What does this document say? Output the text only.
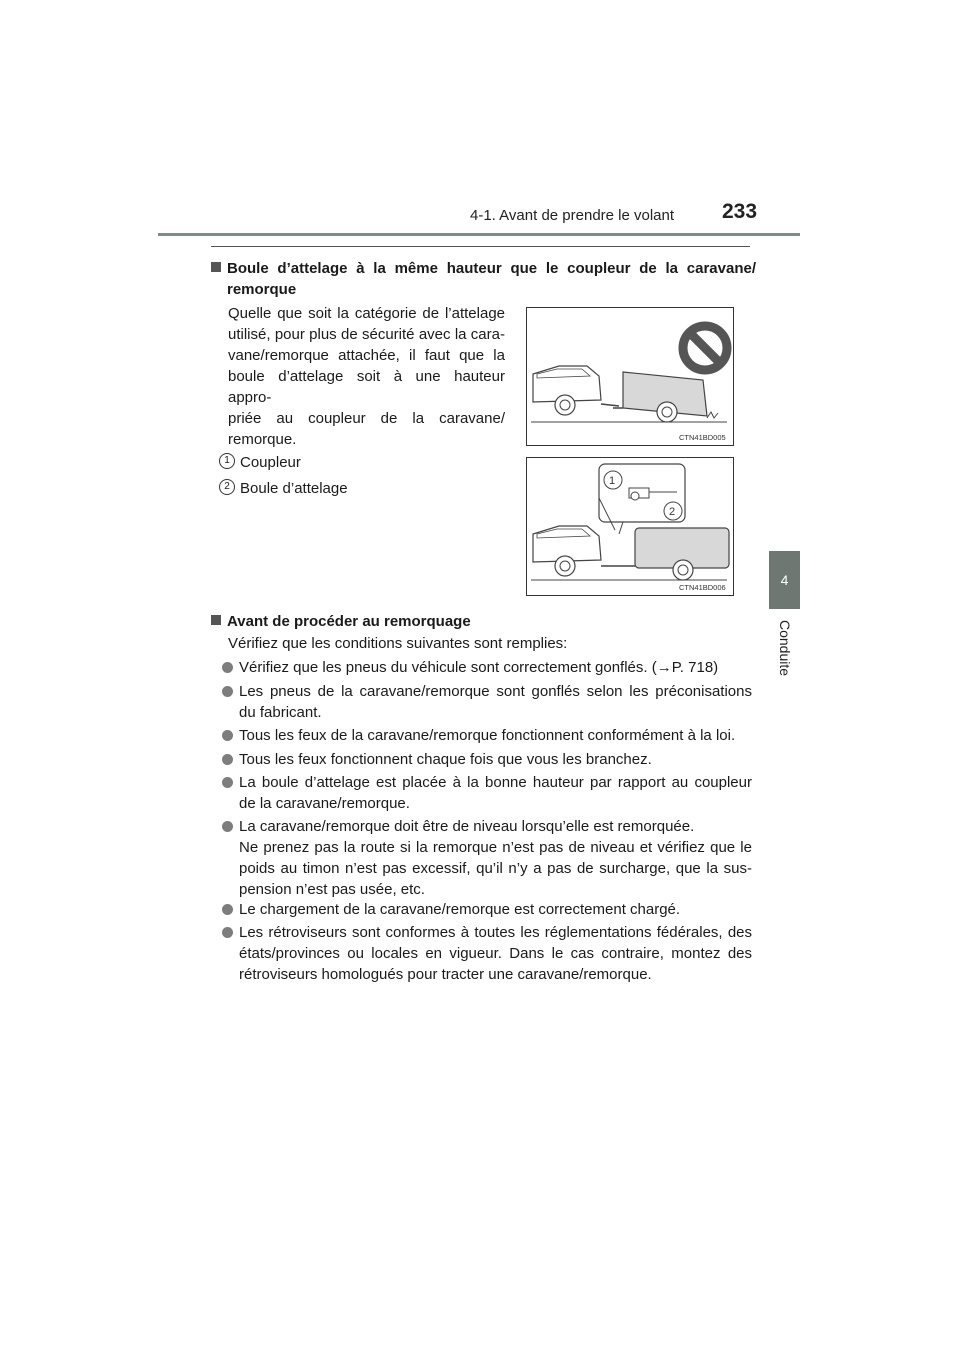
4-1. Avant de prendre le volant 233
4
Conduite
Boule d’attelage à la même hauteur que le coupleur de la caravane/
remorque
Quelle que soit la catégorie de l’attelage
utilisé, pour plus de sécurité avec la cara-
vane/remorque attachée, il faut que la
boule d’attelage soit à une hauteur appro-
priée au coupleur de la caravane/
remorque.	CTN41BD005
1
2
CTN41BD006
1 Coupleur
2 Boule d’attelage
Avant de procéder au remorquage
Vérifiez que les conditions suivantes sont remplies:
Vérifiez que les pneus du véhicule sont correctement gonflés. (→P. 718)
Les pneus de la caravane/remorque sont gonflés selon les préconisations
du fabricant.
Tous les feux de la caravane/remorque fonctionnent conformément à la loi.
Tous les feux fonctionnent chaque fois que vous les branchez.
La boule d’attelage est placée à la bonne hauteur par rapport au coupleur
de la caravane/remorque.
La caravane/remorque doit être de niveau lorsqu’elle est remorquée.
Ne prenez pas la route si la remorque n’est pas de niveau et vérifiez que le
poids au timon n’est pas excessif, qu’il n’y a pas de surcharge, que la sus-
pension n’est pas usée, etc.
Le chargement de la caravane/remorque est correctement chargé.
Les rétroviseurs sont conformes à toutes les réglementations fédérales, des
états/provinces ou locales en vigueur. Dans le cas contraire, montez des
rétroviseurs homologués pour tracter une caravane/remorque.
